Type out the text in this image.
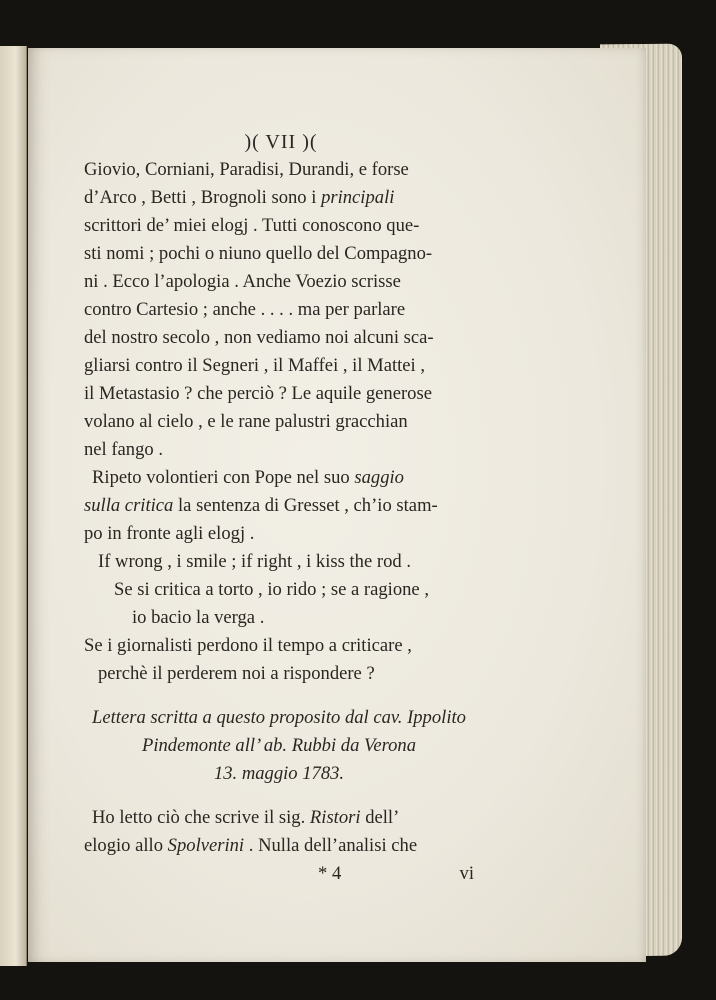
)( VII )(
Giovio, Corniani, Paradisi, Durandi, e forse
d’Arco , Betti , Brognoli sono i principali
scrittori de’ miei elogj . Tutti conoscono que-
sti nomi ; pochi o niuno quello del Compagno-
ni . Ecco l’apologia . Anche Voezio scrisse
contro Cartesio ; anche . . . . ma per parlare
del nostro secolo , non vediamo noi alcuni sca-
gliarsi contro il Segneri , il Maffei , il Mattei ,
il Metastasio ? che perciò ? Le aquile generose
volano al cielo , e le rane palustri gracchian
nel fango .
Ripeto volontieri con Pope nel suo saggio
sulla critica la sentenza di Gresset , ch’io stam-
po in fronte agli elogj .
If wrong , i smile ; if right , i kiss the rod .
Se si critica a torto , io rido ; se a ragione ,
io bacio la verga .
Se i giornalisti perdono il tempo a criticare ,
perchè il perderem noi a rispondere ?
Lettera scritta a questo proposito dal cav. Ippolito
Pindemonte all’ ab. Rubbi da Verona
13. maggio 1783.
Ho letto ciò che scrive il sig. Ristori dell’
elogio allo Spolverini . Nulla dell’analisi che
* 4	vi
